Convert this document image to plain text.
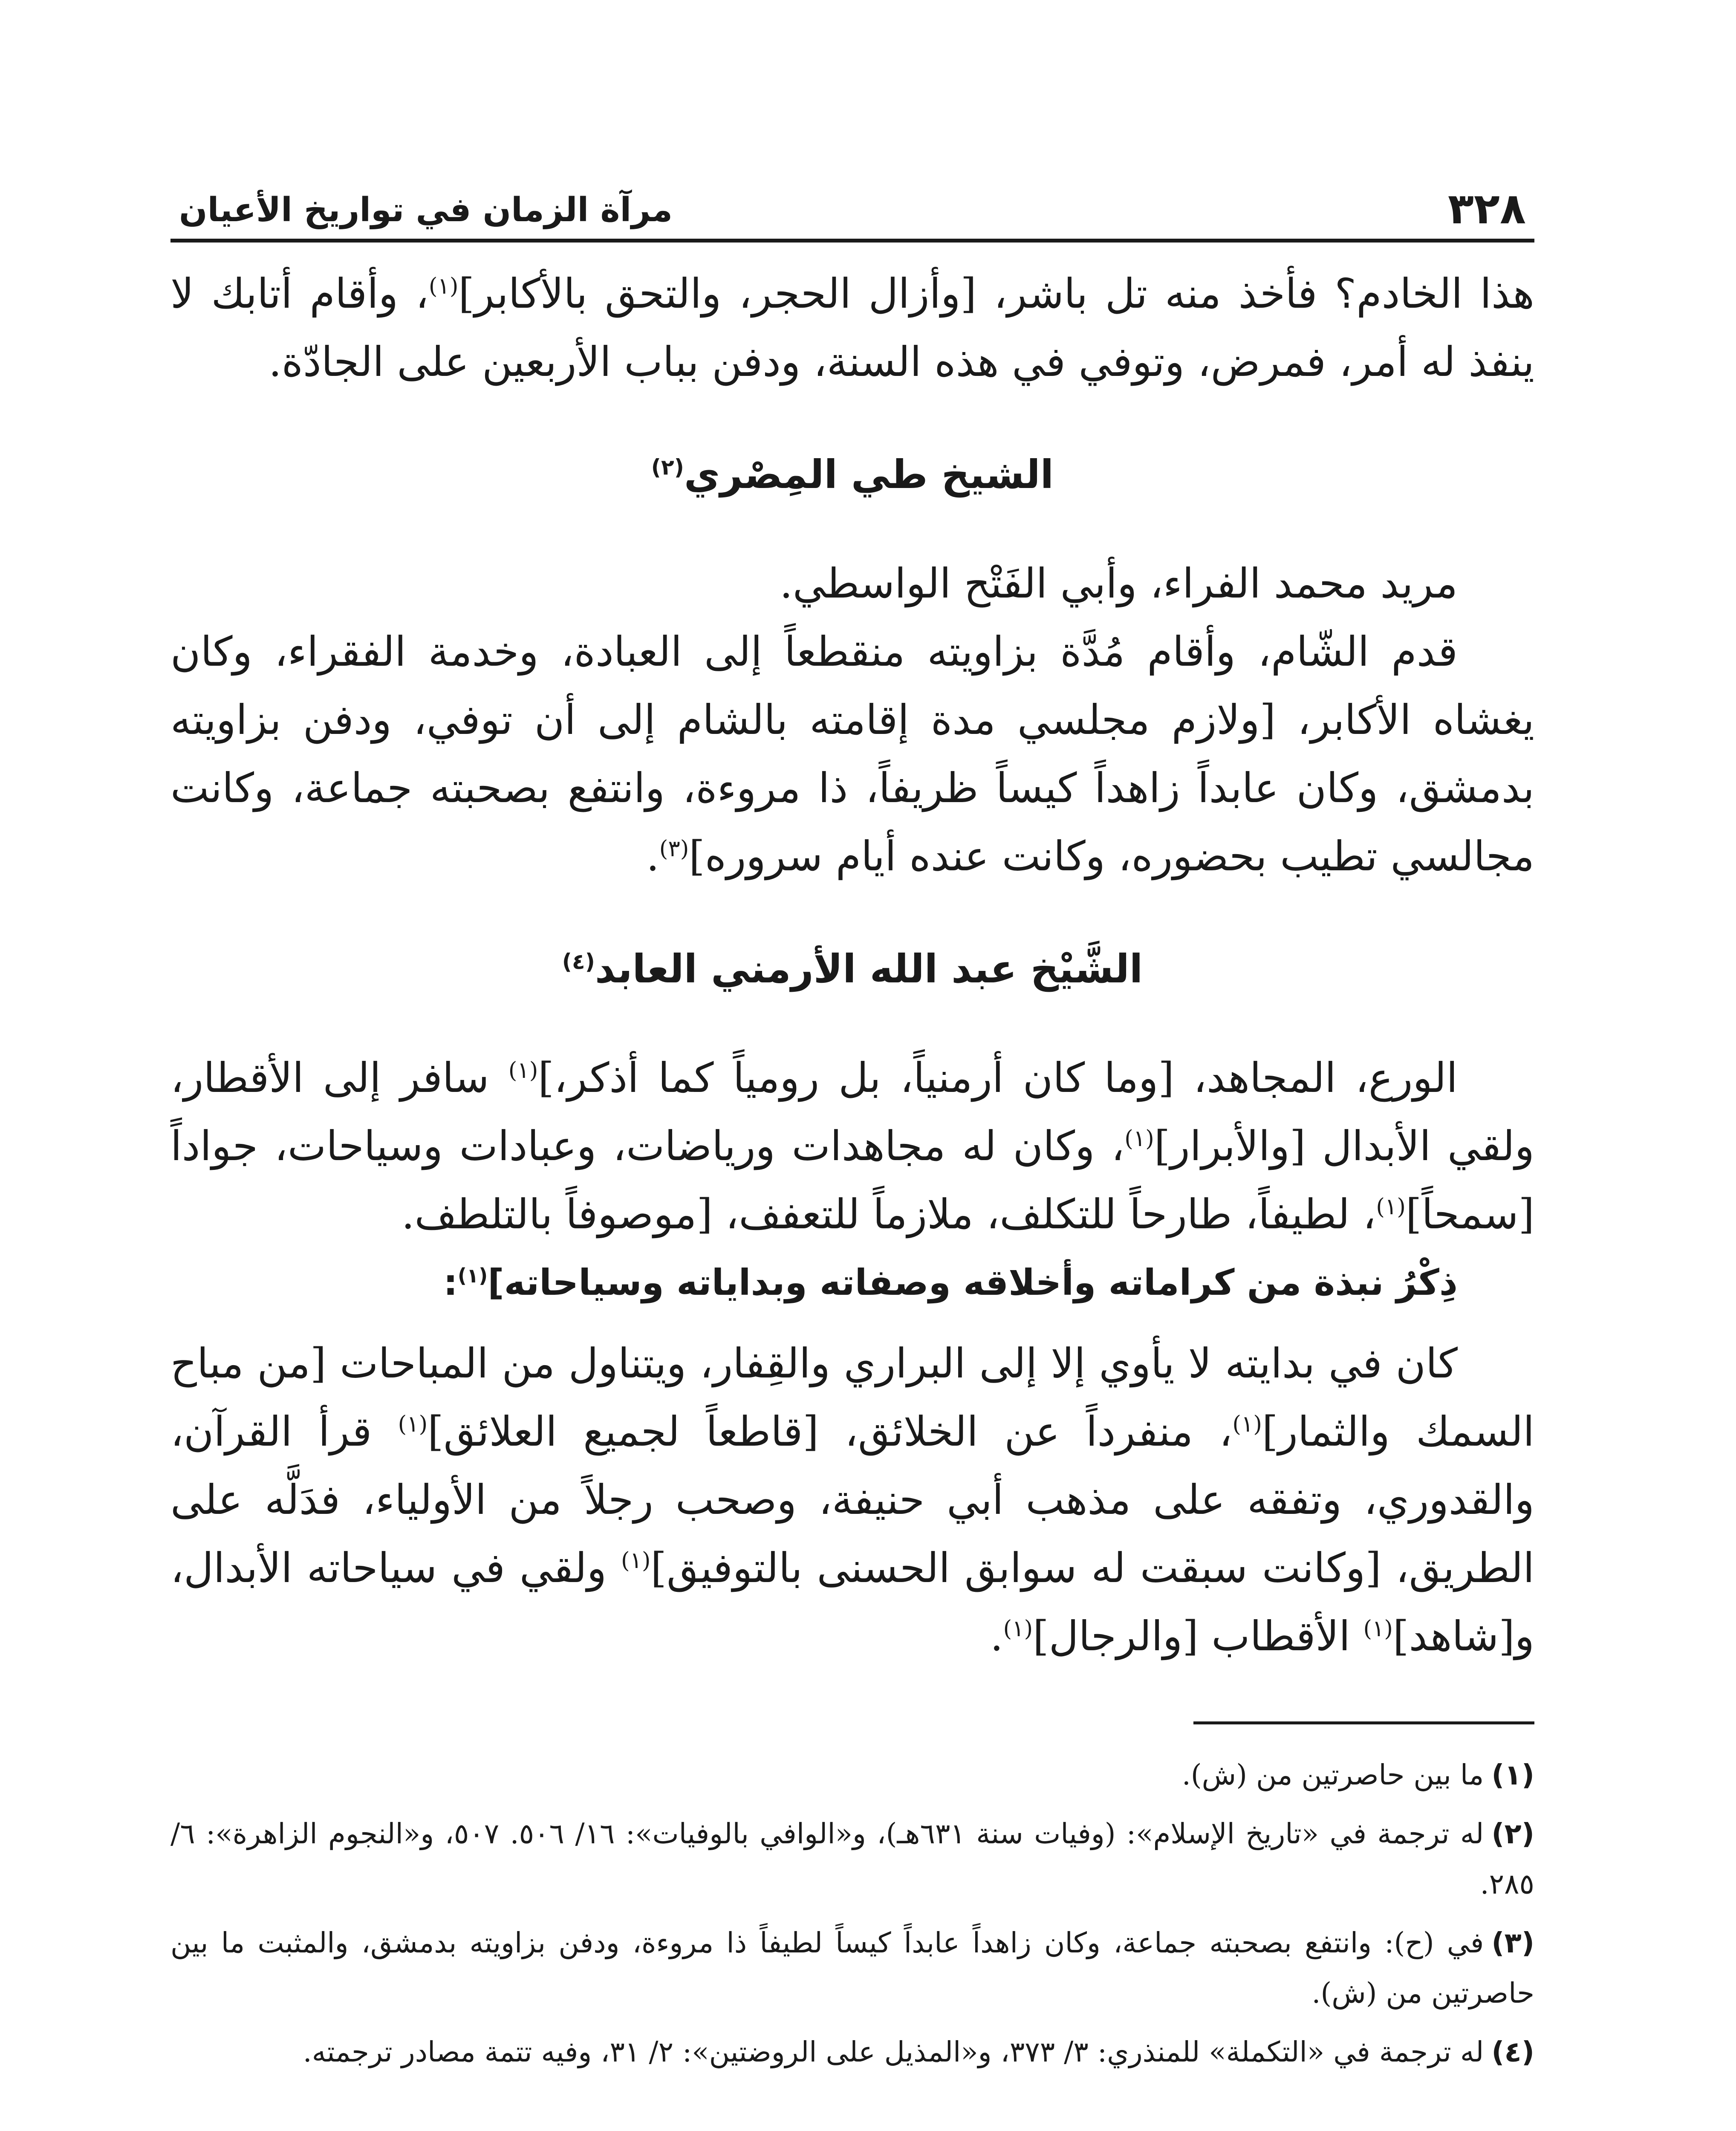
٣٢٨
مرآة الزمان في تواريخ الأعيان

هذا الخادم؟ فأخذ منه تل باشر، [وأزال الحجر، والتحق بالأكابر]$^{(١)}$، وأقام أتابك لا ينفذ له أمر، فمرض، وتوفي في هذه السنة، ودفن بباب الأربعين على الجادّة.

الشيخ طي المِصْري$^{(٢)}$

مريد محمد الفراء، وأبي الفَتْح الواسطي.

قدم الشّام، وأقام مُدَّة بزاويته منقطعاً إلى العبادة، وخدمة الفقراء، وكان يغشاه الأكابر، [ولازم مجلسي مدة إقامته بالشام إلى أن توفي، ودفن بزاويته بدمشق، وكان عابداً زاهداً كيساً ظريفاً، ذا مروءة، وانتفع بصحبته جماعة، وكانت مجالسي تطيب بحضوره، وكانت عنده أيام سروره]$^{(٣)}$.

الشَّيْخ عبد الله الأرمني العابد$^{(٤)}$

الورع، المجاهد، [وما كان أرمنياً، بل رومياً كما أذكر،]$^{(١)}$ سافر إلى الأقطار، ولقي الأبدال [والأبرار]$^{(١)}$، وكان له مجاهدات ورياضات، وعبادات وسياحات، جواداً [سمحاً]$^{(١)}$، لطيفاً، طارحاً للتكلف، ملازماً للتعفف، [موصوفاً بالتلطف.

ذِكْرُ نبذة من كراماته وأخلاقه وصفاته وبداياته وسياحاته]$^{(١)}$:

كان في بدايته لا يأوي إلا إلى البراري والقِفار، ويتناول من المباحات [من مباح السمك والثمار]$^{(١)}$، منفرداً عن الخلائق، [قاطعاً لجميع العلائق]$^{(١)}$ قرأ القرآن، والقدوري، وتفقه على مذهب أبي حنيفة، وصحب رجلاً من الأولياء، فدَلَّه على الطريق، [وكانت سبقت له سوابق الحسنى بالتوفيق]$^{(١)}$ ولقي في سياحاته الأبدال، و[شاهد]$^{(١)}$ الأقطاب [والرجال]$^{(١)}$.

(١)ما بين حاصرتين من (ش).

(٢)له ترجمة في «تاريخ الإسلام»: (وفيات سنة ٦٣١هـ)، و«الوافي بالوفيات»: ١٦/ ٥٠٦. ٥٠٧، و«النجوم الزاهرة»: ٦/ ٢٨٥.

(٣)في (ح): وانتفع بصحبته جماعة، وكان زاهداً عابداً كيساً لطيفاً ذا مروءة، ودفن بزاويته بدمشق، والمثبت ما بين حاصرتين من (ش).

(٤)له ترجمة في «التكملة» للمنذري: ٣/ ٣٧٣، و«المذيل على الروضتين»: ٢/ ٣١، وفيه تتمة مصادر ترجمته.
